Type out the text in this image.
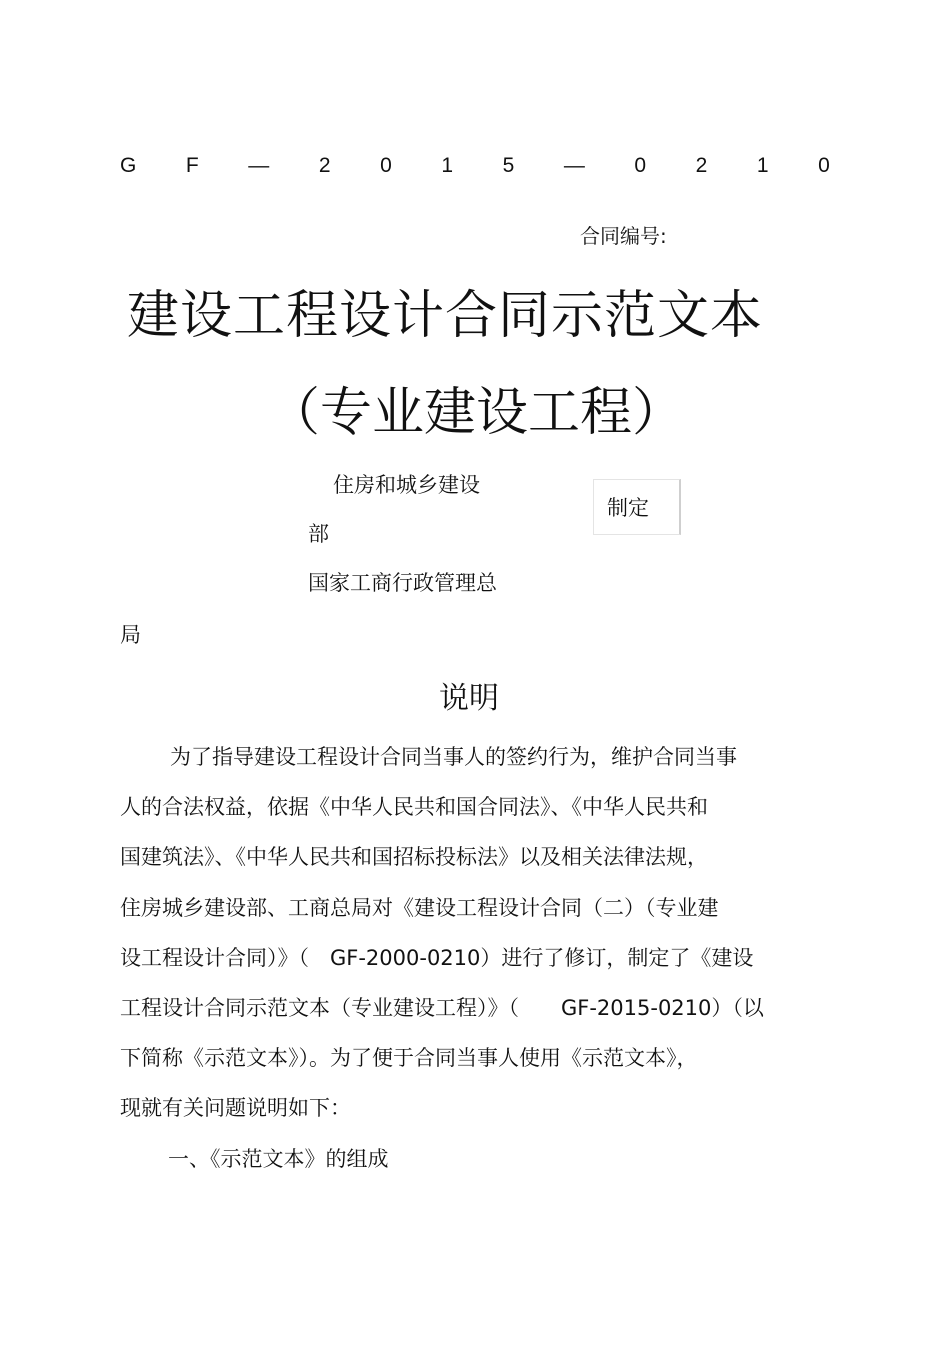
G F — 2 0 1 5 — 0 2 1 0
合同编号:
建设工程设计合同示范文本
（专业建设工程）
住房和城乡建设
部
国家工商行政管理总
局
制定
说明
为了指导建设工程设计合同当事人的签约行为，维护合同当事
人的合法权益，依据《中华人民共和国合同法》、《中华人民共和
国建筑法》、《中华人民共和国招标投标法》以及相关法律法规，
住房城乡建设部、工商总局对《建设工程设计合同（二）（专业建
设工程设计合同）》（　GF-2000-0210）进行了修订，制定了《建设
工程设计合同示范文本（专业建设工程）》（　　GF-2015-0210）（以
下简称《示范文本》）。为了便于合同当事人使用《示范文本》，
现就有关问题说明如下：
一、《示范文本》的组成
